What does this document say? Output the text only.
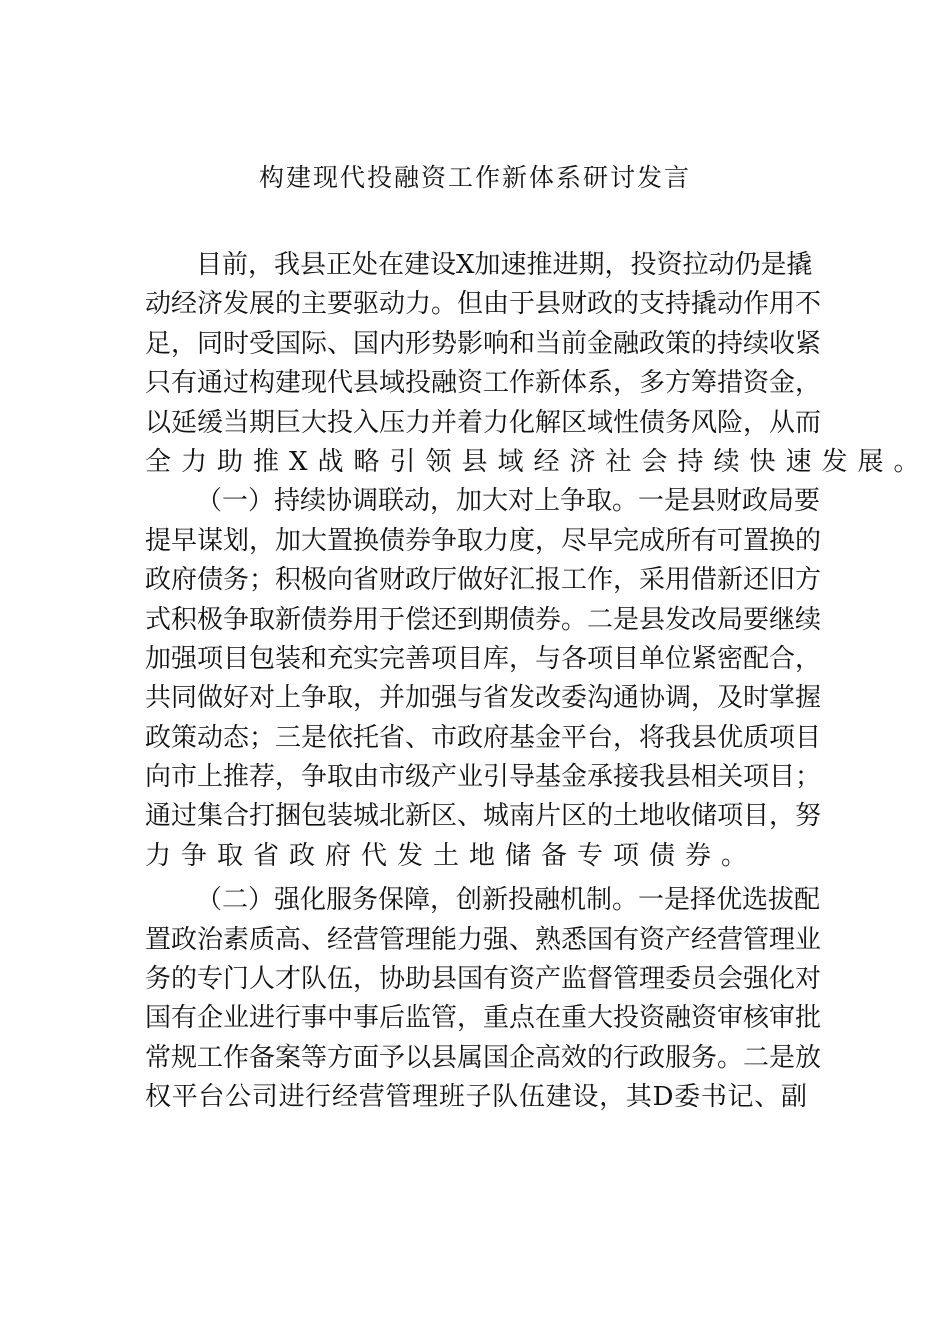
构建现代投融资工作新体系研讨发言
目前，我县正处在建设X加速推进期，投资拉动仍是撬
动经济发展的主要驱动力。但由于县财政的支持撬动作用不
足，同时受国际、国内形势影响和当前金融政策的持续收紧
只有通过构建现代县域投融资工作新体系，多方筹措资金，
以延缓当期巨大投入压力并着力化解区域性债务风险，从而
全力助推X战略引领县域经济社会持续快速发展。
（一）持续协调联动，加大对上争取。一是县财政局要
提早谋划，加大置换债券争取力度，尽早完成所有可置换的
政府债务；积极向省财政厅做好汇报工作，采用借新还旧方
式积极争取新债券用于偿还到期债券。二是县发改局要继续
加强项目包装和充实完善项目库，与各项目单位紧密配合，
共同做好对上争取，并加强与省发改委沟通协调，及时掌握
政策动态；三是依托省、市政府基金平台，将我县优质项目
向市上推荐，争取由市级产业引导基金承接我县相关项目；
通过集合打捆包装城北新区、城南片区的土地收储项目，努
力争取省政府代发土地储备专项债券。
（二）强化服务保障，创新投融机制。一是择优选拔配
置政治素质高、经营管理能力强、熟悉国有资产经营管理业
务的专门人才队伍，协助县国有资产监督管理委员会强化对
国有企业进行事中事后监管，重点在重大投资融资审核审批
常规工作备案等方面予以县属国企高效的行政服务。二是放
权平台公司进行经营管理班子队伍建设，其D委书记、副
